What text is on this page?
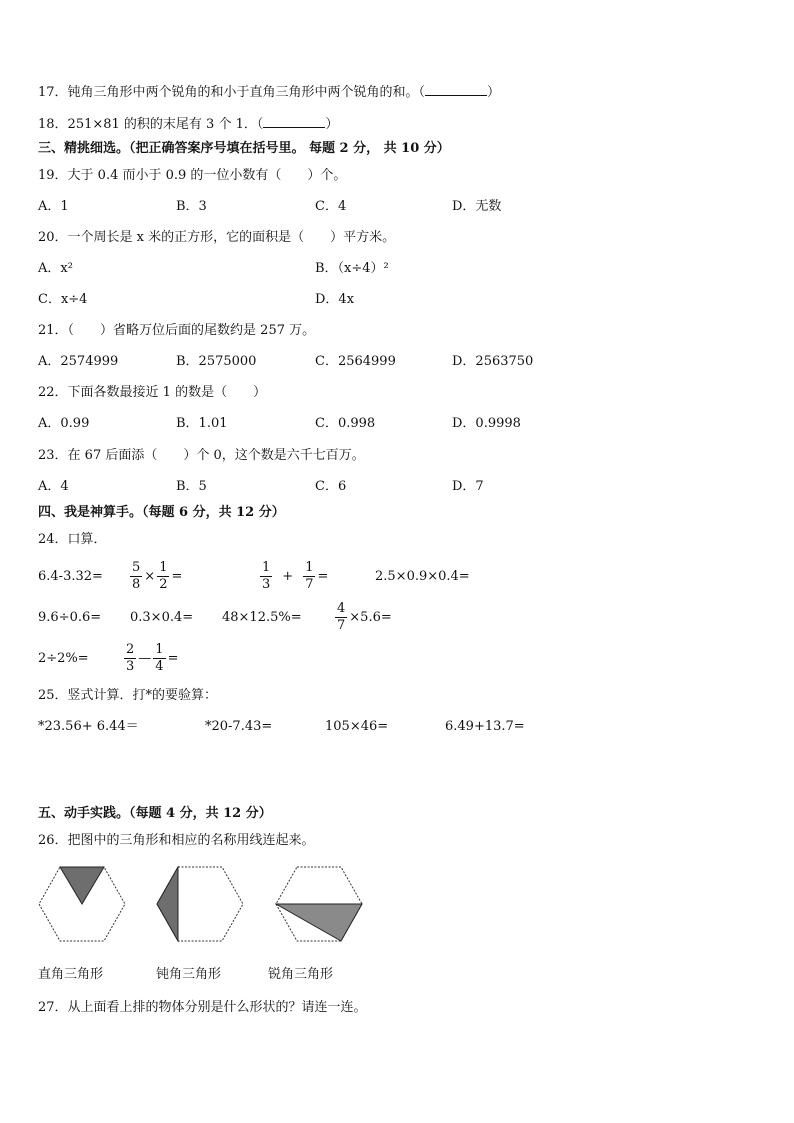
17．钝角三角形中两个锐角的和小于直角三角形中两个锐角的和。（	）
18．251×81 的积的末尾有 3 个 1．（	）
三、精挑细选。（把正确答案序号填在括号里。 每题 2 分， 共 10 分）
19．大于 0.4 而小于 0.9 的一位小数有（　　）个。
A．1	B．3	C．4	D．无数
20．一个周长是 x 米的正方形，它的面积是（　　）平方米。
A．x²	B．（x÷4）²
C．x÷4	D．4x
21．（　　）省略万位后面的尾数约是 257 万。
A．2574999	B．2575000	C．2564999	D．2563750
22．下面各数最接近 1 的数是（　　）
A．0.99	B．1.01	C．0.998	D．0.9998
23．在 67 后面添（　　）个 0，这个数是六千七百万。
A．4	B．5	C．6	D．7
四、我是神算手。（每题 6 分，共 12 分）
24．口算．
$6.4-3.32= \frac{5}{8} \times \frac{1}{2}$ =	$\frac{1}{3} + \frac{1}{7}$ =	2.5×0.9×0.4=
9.6÷0.6= 0.3×0.4= 48×12.5%=	$\frac{4}{7} \times 5.6=$
2÷2%=	$\frac{2}{3}$ — $\frac{1}{4}$ =
25．竖式计算．打*的要验算：
*23.56+ 6.44＝	*20-7.43=	105×46=	6.49+13.7=
五、动手实践。（每题 4 分，共 12 分）
26．把图中的三角形和相应的名称用线连起来。
直角三角形	钝角三角形	锐角三角形
27．从上面看上排的物体分别是什么形状的？请连一连。
